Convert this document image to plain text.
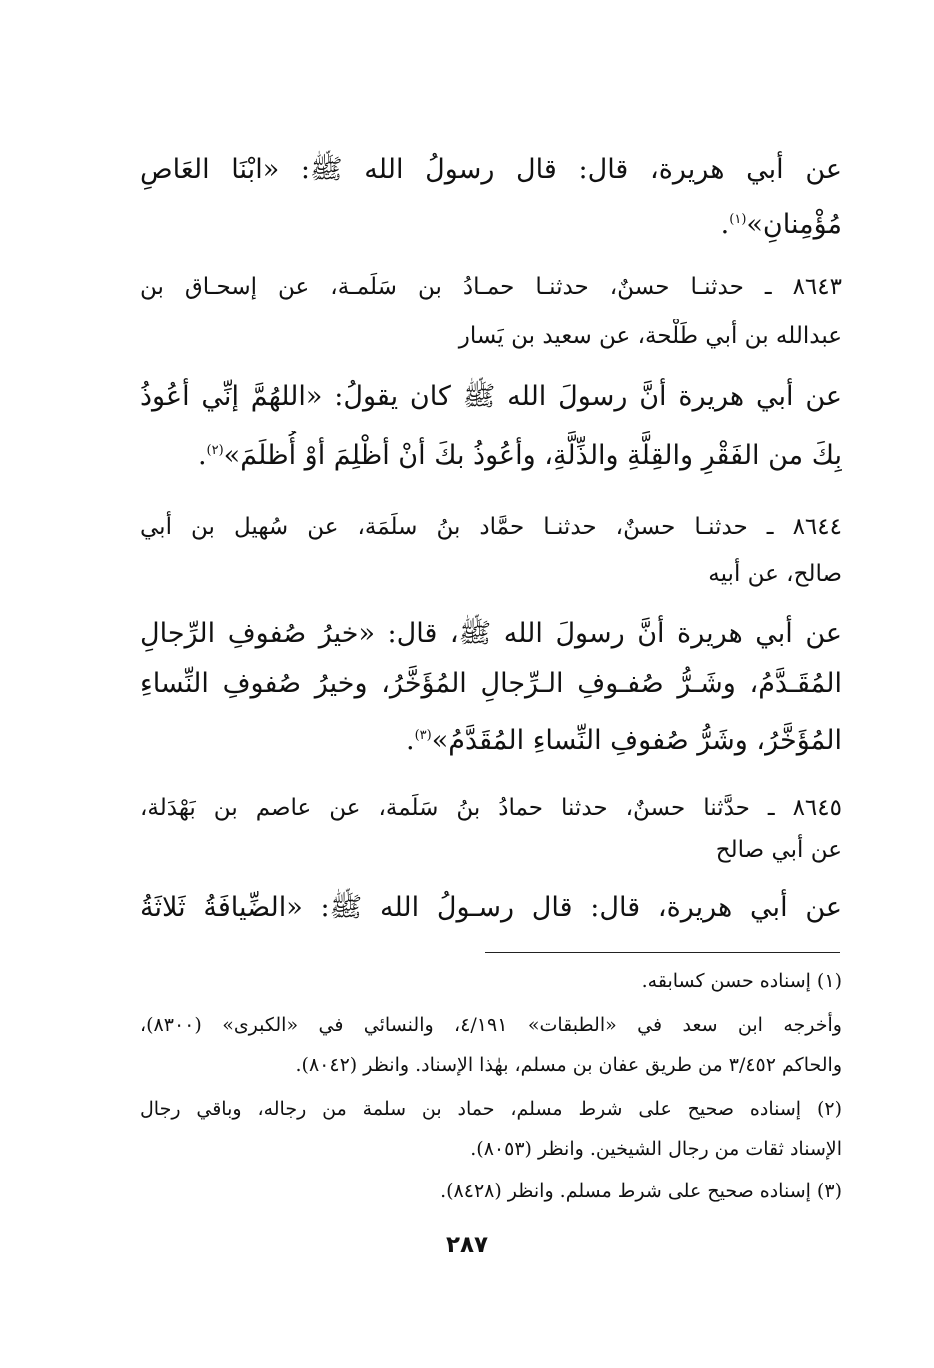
عن أبي هريرة، قال: قال رسولُ الله ﷺ: «ابْنَا العَاصِ
مُؤْمِنانِ»$^{(١)}$.
٨٦٤٣ ـ حدثنـا حسنٌ، حدثنـا حمـادُ بن سَلَمـة، عن إسحـاق بن
عبدالله بن أبي طَلْحة، عن سعيد بن يَسار
عن أبي هريرة أنَّ رسولَ الله ﷺ كان يقولُ: «اللهُمَّ إنِّي أعُوذُ
بِكَ من الفَقْرِ والقِلَّةِ والذِّلَّةِ، وأعُوذُ بكَ أنْ أظْلِمَ أوْ أُظلَمَ»$^{(٢)}$.
٨٦٤٤ ـ حدثنـا حسنٌ، حدثنـا حمَّاد بنُ سلَمَة، عن سُهيل بن أبي
صالح، عن أبيه
عن أبي هريرة أنَّ رسولَ الله ﷺ، قال: «خيرُ صُفوفِ الرِّجالِ
المُقَـدَّمُ، وشَـرُّ صُفـوفِ الـرِّجالِ المُؤَخَّرُ، وخيرُ صُفوفِ النِّساءِ
المُؤَخَّرُ، وشَرُّ صُفوفِ النِّساءِ المُقَدَّمُ»$^{(٣)}$.
٨٦٤٥ ـ حدَّثنا حسنٌ، حدثنا حمادُ بنُ سَلَمة، عن عاصم بن بَهْدَلة،
عن أبي صالح
عن أبي هريرة، قال: قال رسـولُ الله ﷺ: «الضِّيافَةُ ثَلاثَةُ
(١) إسناده حسن كسابقه.
وأخرجه ابن سعد في «الطبقات» ٤/١٩١، والنسائي في «الكبرى» (٨٣٠٠)،
والحاكم ٣/٤٥٢ من طريق عفان بن مسلم، بهٰذا الإسناد. وانظر (٨٠٤٢).
(٢) إسناده صحيح على شرط مسلم، حماد بن سلمة من رجاله، وباقي رجال
الإسناد ثقات من رجال الشيخين. وانظر (٨٠٥٣).
(٣) إسناده صحيح على شرط مسلم. وانظر (٨٤٢٨).
٢٨٧
